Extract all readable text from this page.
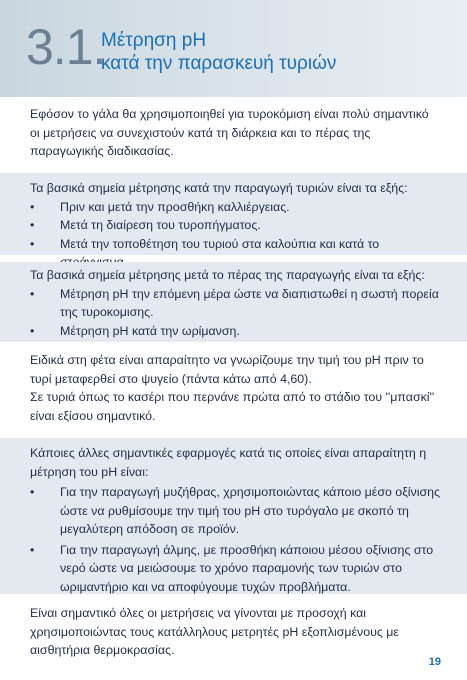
3.1.
Μέτρηση pH
κατά την παρασκευή τυριών

Εφόσον το γάλα θα χρησιμοποιηθεί για τυροκόμιση είναι πολύ σημαντικό οι μετρήσεις να συνεχιστούν κατά τη διάρκεια και το πέρας της παραγωγικής διαδικασίας.

Τα βασικά σημεία μέτρησης κατά την παραγωγή τυριών είναι τα εξής:

• Πριν και μετά την προσθήκη καλλιέργειας.
• Μετά τη διαίρεση του τυροπήγματος.
• Μετά την τοποθέτηση του τυριού στα καλούπια και κατά το

Τα βασικά σημεία μέτρησης μετά το πέρας της παραγωγής είναι τα εξής:

• Μέτρηση pH την επόμενη μέρα ώστε να διαπιστωθεί η σωστή πορεία της τυροκομισης.
• Μέτρηση pH κατά την ωρίμανση.

Ειδικά στη φέτα είναι απαραίτητο να γνωρίζουμε την τιμή του pH πριν το τυρί μεταφερθεί στο ψυγείο (πάντα κάτω από 4,60).

Σε τυριά όπως το κασέρι που περνάνε πρώτα από το στάδιο του ''μπασκί'' είναι εξίσου σημαντικό.

Κάποιες άλλες σημαντικές εφαρμογές κατά τις οποίες είναι απαραίτητη η μέτρηση του pH είναι:

• Για την παραγωγή μυζήθρας, χρησιμοποιώντας κάποιο μέσο οξίνισης ώστε να ρυθμίσουμε την τιμή του pH στο τυρόγαλο με σκοπό τη μεγαλύτερη απόδοση σε προϊόν.
• Για την παραγωγή άλμης, με προσθήκη κάποιου μέσου οξίνισης στο νερό ώστε να μειώσουμε το χρόνο παραμονής των τυριών στο ωριμαντήριο και να αποφύγουμε τυχών προβλήματα.

Είναι σημαντικό όλες οι μετρήσεις να γίνονται με προσοχή και χρησιμοποιώντας τους κατάλληλους μετρητές pH εξοπλισμένους με αισθητήρια θερμοκρασίας.

19
